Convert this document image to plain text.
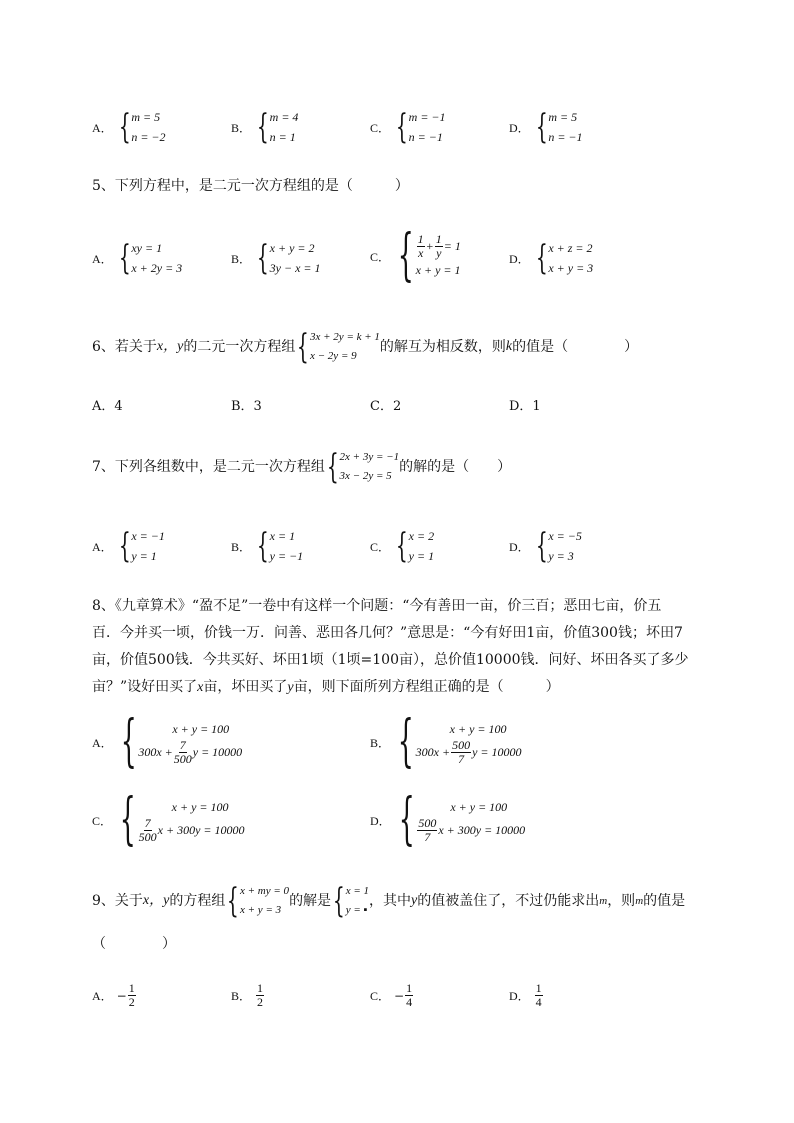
A． { m = 5
n = −2
B． { m = 4
n = 1
C． { m = −1
n = −1
D． { m = 5
n = −1
5、下列方程中，是二元一次方程组的是（　　　）
A． { xy = 1
x + 2y = 3
B． { x + y = 2
3y − x = 1
C． { $\frac{1}{x} + \frac{1}{y} = 1$
x + y = 1
D． { x + z = 2
x + y = 3
6、若关于 x，y 的二元一次方程组 { 3x + 2y = k + 1
x − 2y = 9
的解互为相反数，则 k 的值是（　　　　）
A．4	B．3	C．2	D．1
7、下列各组数中，是二元一次方程组 { 2x + 3y = −1
3x − 2y = 5
的解的是（　　）
A． { x = −1
y = 1
B． { x = 1
y = −1
C． { x = 2
y = 1
D． { x = −5
y = 3
8、《九章算术》“盈不足”一卷中有这样一个问题：“今有善田一亩，价三百；恶田七亩，价五
百．今并买一顷，价钱一万．问善、恶田各几何？”意思是：“今有好田1亩，价值300钱；坏田7
亩，价值500钱．今共买好、坏田1顷（1顷=100亩），总价值10000钱．问好、坏田各买了多少
亩？”设好田买了x亩，坏田买了y亩，则下面所列方程组正确的是（　　　）
A． {	x + y = 100
$300x + \frac{7}{500}$ y = 10000
B． {	x + y = 100
$300x + \frac{500}{7}$ y = 10000
C． {	x + y = 100
$\frac{7}{500}$ x + 300y = 10000
D． {	x + y = 100
$\frac{500}{7}$ x + 300y = 10000
9、关于 x，y 的方程组 { x + my = 0
x + y = 3
的解是 { x = 1
y = ▪
，其中 y 的值被盖住了，不过仍能求出 m ，则 m 的值是
（　　　　）
A． − $\frac{1}{2}$	B． $\frac{1}{2}$	C． − $\frac{1}{4}$	D． $\frac{1}{4}$
